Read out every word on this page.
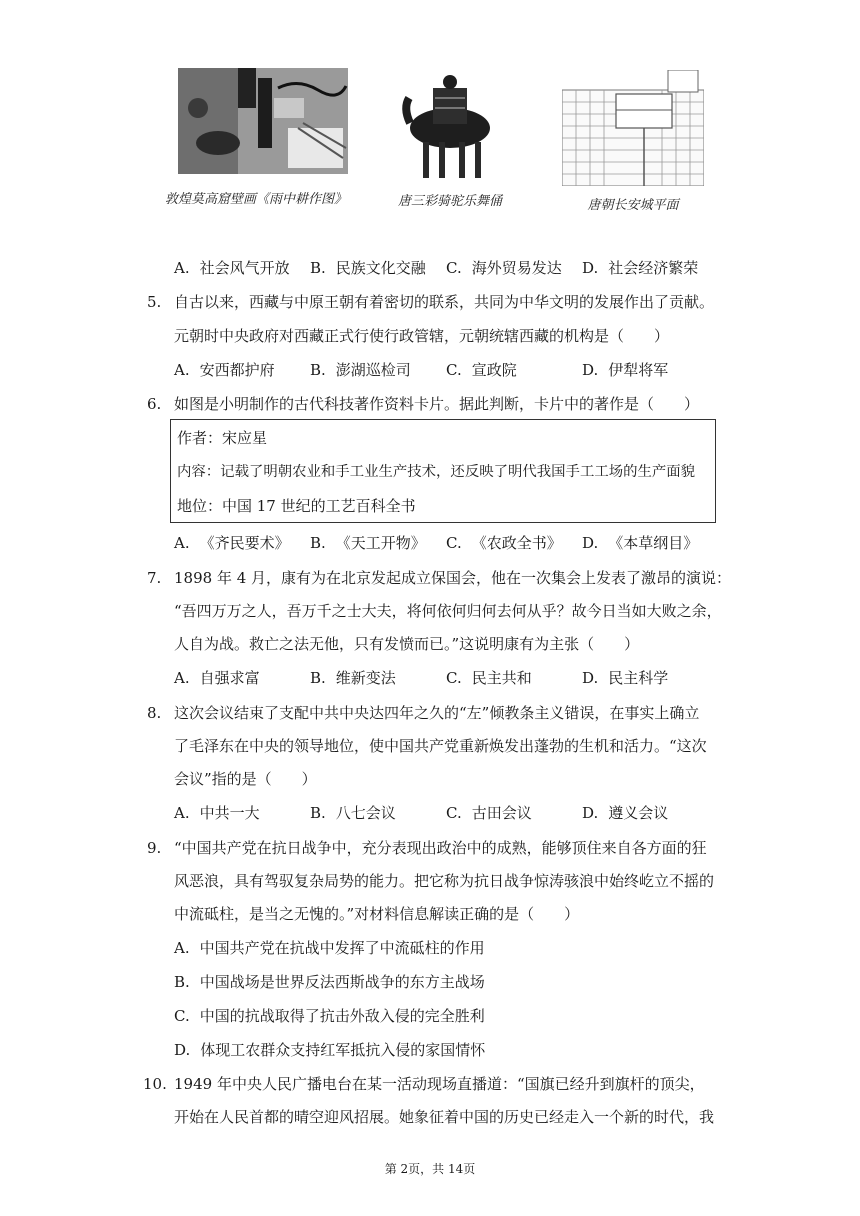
敦煌莫高窟壁画《雨中耕作图》	唐三彩骑驼乐舞俑	唐朝长安城平面
A. 社会风气开放 B. 民族文化交融 C. 海外贸易发达 D. 社会经济繁荣
5. 自古以来，西藏与中原王朝有着密切的联系，共同为中华文明的发展作出了贡献。
元朝时中央政府对西藏正式行使行政管辖，元朝统辖西藏的机构是（　　）
A. 安西都护府 B. 澎湖巡检司 C. 宣政院	D. 伊犁将军
6. 如图是小明制作的古代科技著作资料卡片。据此判断，卡片中的著作是（　　）
作者：宋应星
内容：记载了明朝农业和手工业生产技术，还反映了明代我国手工工场的生产面貌
地位：中国 17 世纪的工艺百科全书
A. 《齐民要术》 B. 《天工开物》 C. 《农政全书》 D. 《本草纲目》
7. 1898 年 4 月，康有为在北京发起成立保国会，他在一次集会上发表了激昂的演说：
“吾四万万之人，吾万千之士大夫，将何依何归何去何从乎？故今日当如大败之余，
人自为战。救亡之法无他，只有发愤而已。”这说明康有为主张（　　）
A. 自强求富	B. 维新变法	C. 民主共和	D. 民主科学
8. 这次会议结束了支配中共中央达四年之久的“左”倾教条主义错误，在事实上确立
了毛泽东在中央的领导地位，使中国共产党重新焕发出蓬勃的生机和活力。“这次
会议”指的是（　　）
A. 中共一大	B. 八七会议	C. 古田会议	D. 遵义会议
9. “中国共产党在抗日战争中，充分表现出政治中的成熟，能够顶住来自各方面的狂
风恶浪，具有驾驭复杂局势的能力。把它称为抗日战争惊涛骇浪中始终屹立不摇的
中流砥柱，是当之无愧的。”对材料信息解读正确的是（　　）
A. 中国共产党在抗战中发挥了中流砥柱的作用
B. 中国战场是世界反法西斯战争的东方主战场
C. 中国的抗战取得了抗击外敌入侵的完全胜利
D. 体现工农群众支持红军抵抗入侵的家国情怀
10. 1949 年中央人民广播电台在某一活动现场直播道：“国旗已经升到旗杆的顶尖，
开始在人民首都的晴空迎风招展。她象征着中国的历史已经走入一个新的时代，我
第 2页，共 14页
